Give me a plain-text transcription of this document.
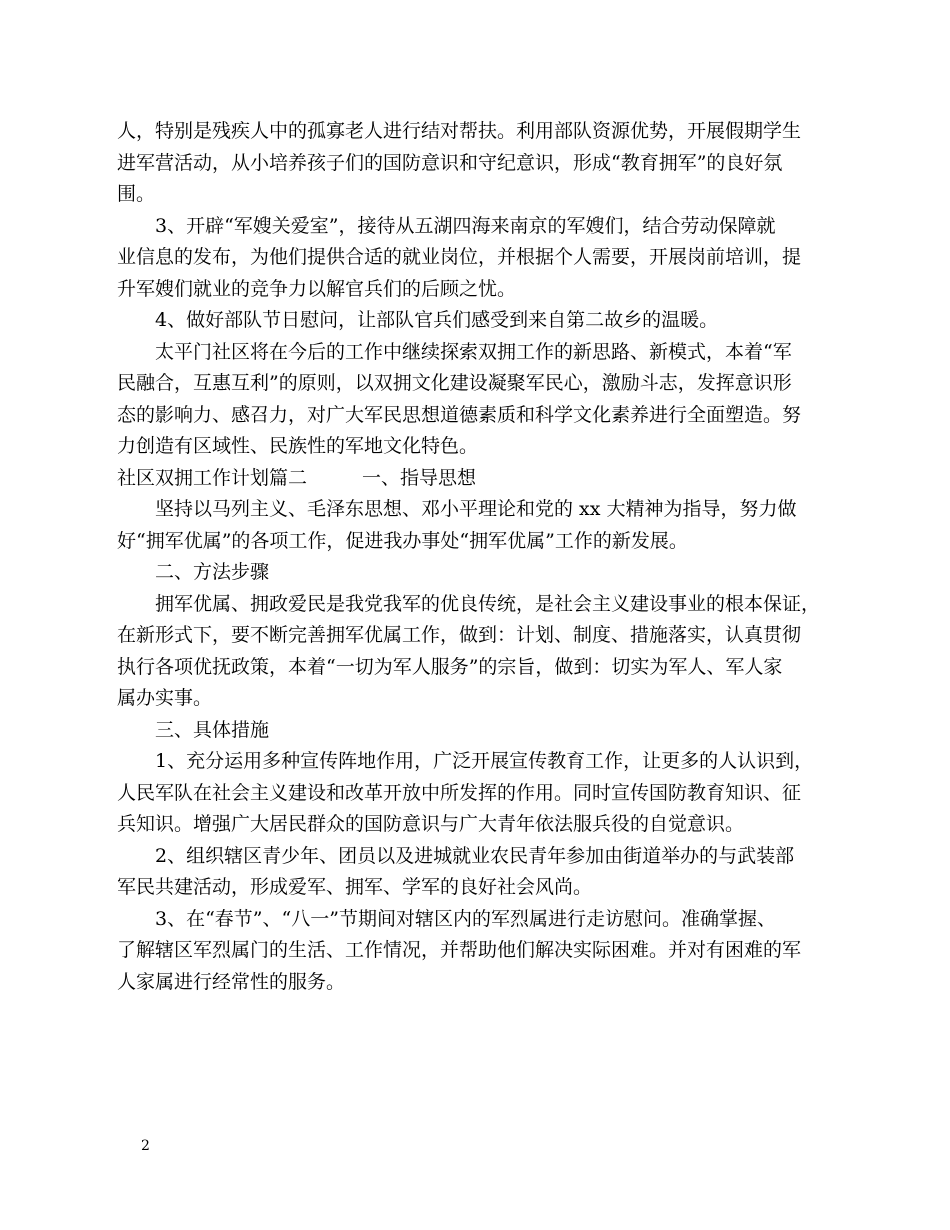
人，特别是残疾人中的孤寡老人进行结对帮扶。利用部队资源优势，开展假期学生
进军营活动，从小培养孩子们的国防意识和守纪意识，形成“教育拥军”的良好氛
围。
　　3、开辟“军嫂关爱室”，接待从五湖四海来南京的军嫂们，结合劳动保障就
业信息的发布，为他们提供合适的就业岗位，并根据个人需要，开展岗前培训，提
升军嫂们就业的竞争力以解官兵们的后顾之忧。
　　4、做好部队节日慰问，让部队官兵们感受到来自第二故乡的温暖。
　　太平门社区将在今后的工作中继续探索双拥工作的新思路、新模式，本着“军
民融合，互惠互利”的原则，以双拥文化建设凝聚军民心，激励斗志，发挥意识形
态的影响力、感召力，对广大军民思想道德素质和科学文化素养进行全面塑造。努
力创造有区域性、民族性的军地文化特色。
社区双拥工作计划篇二	一、指导思想
　　坚持以马列主义、毛泽东思想、邓小平理论和党的 xx 大精神为指导，努力做
好“拥军优属”的各项工作，促进我办事处“拥军优属”工作的新发展。
　　二、方法步骤
　　拥军优属、拥政爱民是我党我军的优良传统，是社会主义建设事业的根本保证，
在新形式下，要不断完善拥军优属工作，做到：计划、制度、措施落实，认真贯彻
执行各项优抚政策，本着“一切为军人服务”的宗旨，做到：切实为军人、军人家
属办实事。
　　三、具体措施
　　1、充分运用多种宣传阵地作用，广泛开展宣传教育工作，让更多的人认识到，
人民军队在社会主义建设和改革开放中所发挥的作用。同时宣传国防教育知识、征
兵知识。增强广大居民群众的国防意识与广大青年依法服兵役的自觉意识。
　　2、组织辖区青少年、团员以及进城就业农民青年参加由街道举办的与武装部
军民共建活动，形成爱军、拥军、学军的良好社会风尚。
　　3、在“春节”、“八一”节期间对辖区内的军烈属进行走访慰问。准确掌握、
了解辖区军烈属门的生活、工作情况，并帮助他们解决实际困难。并对有困难的军
人家属进行经常性的服务。
2
